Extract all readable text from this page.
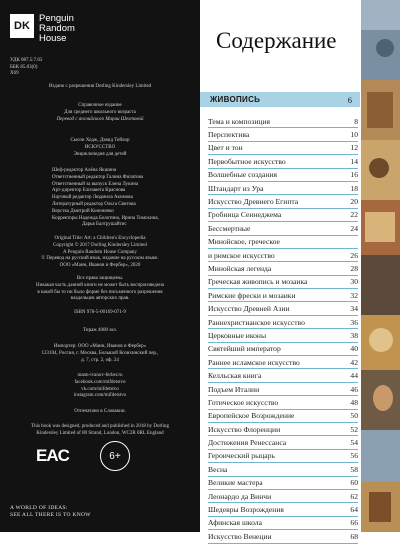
DK
Penguin
Random
House
УДК 087.5:7.03
ББК 85.03(0)
Х69

Издано с разрешения Dorling Kindersley Limited

Справочное издание

Для среднего школьного возраста

Перевод с английского Марии Шехтовой

Сьюзи Ходж, Дэвид Тейлор

ИСКУССТВО

Энциклопедия для детей

Шеф-редактор Алёна Якшина
Ответственный редактор Галина Филатова
Ответственный за выпуск Елена Лукина
Арт-директор Елизавета Краснова
Научный редактор Людмила Акимова
Литературный редактор Ольга Свитова
Верстка Дмитрий Кононенко
Корректоры Надежда Болотина, Ирина Тимохина,
Дарья Балтрушайтис

Original Title: Art: a Children's Encyclopedia

Copyright © 2017 Dorling Kindersley Limited

A Penguin Random House Company

© Перевод на русский язык, издание на русском языке.

ООО «Манн, Иванов и Фербер», 2020

Все права защищены.

Никакая часть данной книги не может быть воспроизведена

в какой бы то ни было форме без письменного разрешения

владельцев авторских прав.

ISBN 978-5-00169-071-9

Тираж 4000 экз.

Импортер: ООО «Манн, Иванов и Фербер»

123104, Россия, г. Москва, Большой Козихинский пер.,

д. 7, стр. 2, оф. 24

mann-ivanov-ferber.ru

facebook.com/mifdetstvo

vk.com/mifdetstvo

instagram.com/mifdetstvo

Отпечатано в Словакии.

This book was designed, produced and published in 2018 by Dorling

Kindersley Limited of 80 Strand, London, WC2R 0RL England

EAC	6+
A WORLD OF IDEAS:
SEE ALL THERE IS TO KNOW
Содержание
ЖИВОПИСЬ	6
Тема и композиция	8
Перспектива	10
Цвет и тон	12
Первобытное искусство	14
Волшебные создания	16
Штандарт из Ура	18
Искусство Древнего Египта	20
Гробница Сеннеджема	22
Бессмертные	24
Минойское, греческое
и римское искусство	26
Минойская легенда	28
Греческая живопись и мозаика	30
Римские фрески и мозаики	32
Искусство Древней Азии	34
Раннехристианское искусство	36
Церковные иконы	38
Святейший император	40
Раннее исламское искусство	42
Келльская книга	44
Подъем Италии	46
Готическое искусство	48
Европейское Возрождение	50
Искусство Флоренции	52
Достижения Ренессанса	54
Героический рыцарь	56
Весна	58
Великие мастера	60
Леонардо да Винчи	62
Шедевры Возрождения	64
Афинская школа	66
Искусство Венеции	68
